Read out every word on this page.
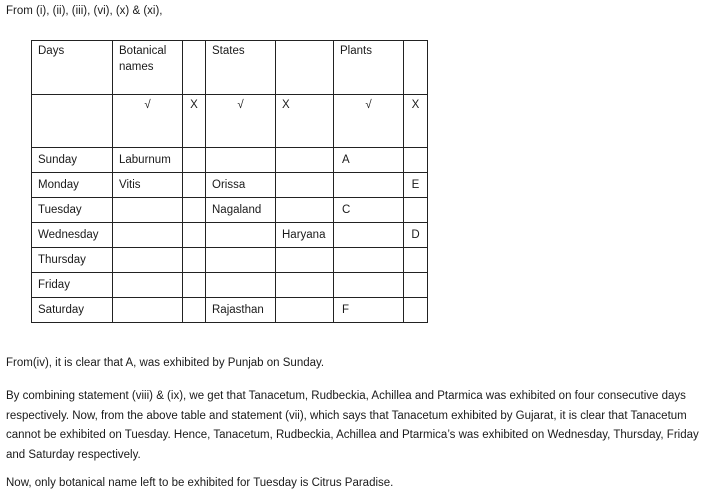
From (i), (ii), (iii), (vi), (x) & (xi),
Days	Botanical names		States		Plants	
	√	X	√	X	√	X
Sunday	Laburnum				A	
Monday	Vitis		Orissa			E
Tuesday			Nagaland		C	
Wednesday				Haryana		D
Thursday						
Friday						
Saturday			Rajasthan		F	

From(iv), it is clear that A, was exhibited by Punjab on Sunday.

By combining statement (viii) & (ix), we get that Tanacetum, Rudbeckia, Achillea and Ptarmica was exhibited on four consecutive days respectively. Now, from the above table and statement (vii), which says that Tanacetum exhibited by Gujarat, it is clear that Tanacetum cannot be exhibited on Tuesday. Hence, Tanacetum, Rudbeckia, Achillea and Ptarmica’s was exhibited on Wednesday, Thursday, Friday and Saturday respectively.

Now, only botanical name left to be exhibited for Tuesday is Citrus Paradise.
